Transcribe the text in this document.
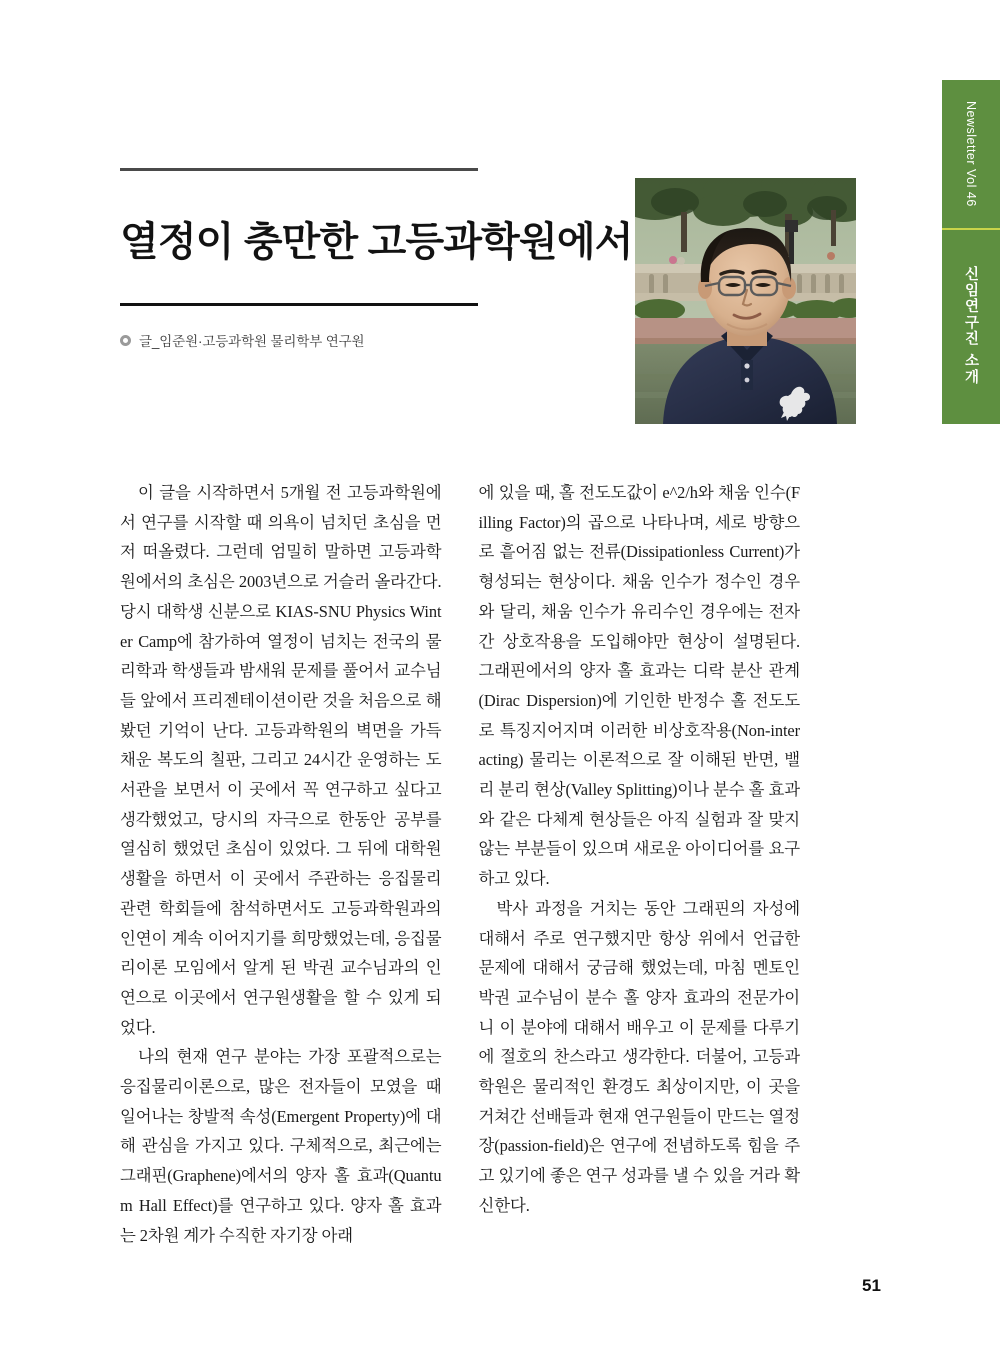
Newsletter Vol 46
신임연구진 소개
열정이 충만한 고등과학원에서
글_임준원·고등과학원 물리학부 연구원

이 글을 시작하면서 5개월 전 고등과학원에서 연구를 시작할 때 의욕이 넘치던 초심을 먼저 떠올렸다. 그런데 엄밀히 말하면 고등과학원에서의 초심은 2003년으로 거슬러 올라간다. 당시 대학생 신분으로 KIAS-SNU Physics Winter Camp에 참가하여 열정이 넘치는 전국의 물리학과 학생들과 밤새워 문제를 풀어서 교수님들 앞에서 프리젠테이션이란 것을 처음으로 해봤던 기억이 난다. 고등과학원의 벽면을 가득 채운 복도의 칠판, 그리고 24시간 운영하는 도서관을 보면서 이 곳에서 꼭 연구하고 싶다고 생각했었고, 당시의 자극으로 한동안 공부를 열심히 했었던 초심이 있었다. 그 뒤에 대학원 생활을 하면서 이 곳에서 주관하는 응집물리 관련 학회들에 참석하면서도 고등과학원과의 인연이 계속 이어지기를 희망했었는데, 응집물리이론 모임에서 알게 된 박권 교수님과의 인연으로 이곳에서 연구원생활을 할 수 있게 되었다.

나의 현재 연구 분야는 가장 포괄적으로는 응집물리이론으로, 많은 전자들이 모였을 때 일어나는 창발적 속성(Emergent Property)에 대해 관심을 가지고 있다. 구체적으로, 최근에는 그래핀(Graphene)에서의 양자 홀 효과(Quantum Hall Effect)를 연구하고 있다. 양자 홀 효과는 2차원 계가 수직한 자기장 아래

에 있을 때, 홀 전도도값이 e^2/h와 채움 인수(Filling Factor)의 곱으로 나타나며, 세로 방향으로 흩어짐 없는 전류(Dissipationless Current)가 형성되는 현상이다. 채움 인수가 정수인 경우와 달리, 채움 인수가 유리수인 경우에는 전자간 상호작용을 도입해야만 현상이 설명된다. 그래핀에서의 양자 홀 효과는 디락 분산 관계(Dirac Dispersion)에 기인한 반정수 홀 전도도로 특징지어지며 이러한 비상호작용(Non-interacting) 물리는 이론적으로 잘 이해된 반면, 밸리 분리 현상(Valley Splitting)이나 분수 홀 효과와 같은 다체계 현상들은 아직 실험과 잘 맞지 않는 부분들이 있으며 새로운 아이디어를 요구하고 있다.

박사 과정을 거치는 동안 그래핀의 자성에 대해서 주로 연구했지만 항상 위에서 언급한 문제에 대해서 궁금해 했었는데, 마침 멘토인 박권 교수님이 분수 홀 양자 효과의 전문가이니 이 분야에 대해서 배우고 이 문제를 다루기에 절호의 찬스라고 생각한다. 더불어, 고등과학원은 물리적인 환경도 최상이지만, 이 곳을 거쳐간 선배들과 현재 연구원들이 만드는 열정장(passion-field)은 연구에 전념하도록 힘을 주고 있기에 좋은 연구 성과를 낼 수 있을 거라 확신한다.

51
